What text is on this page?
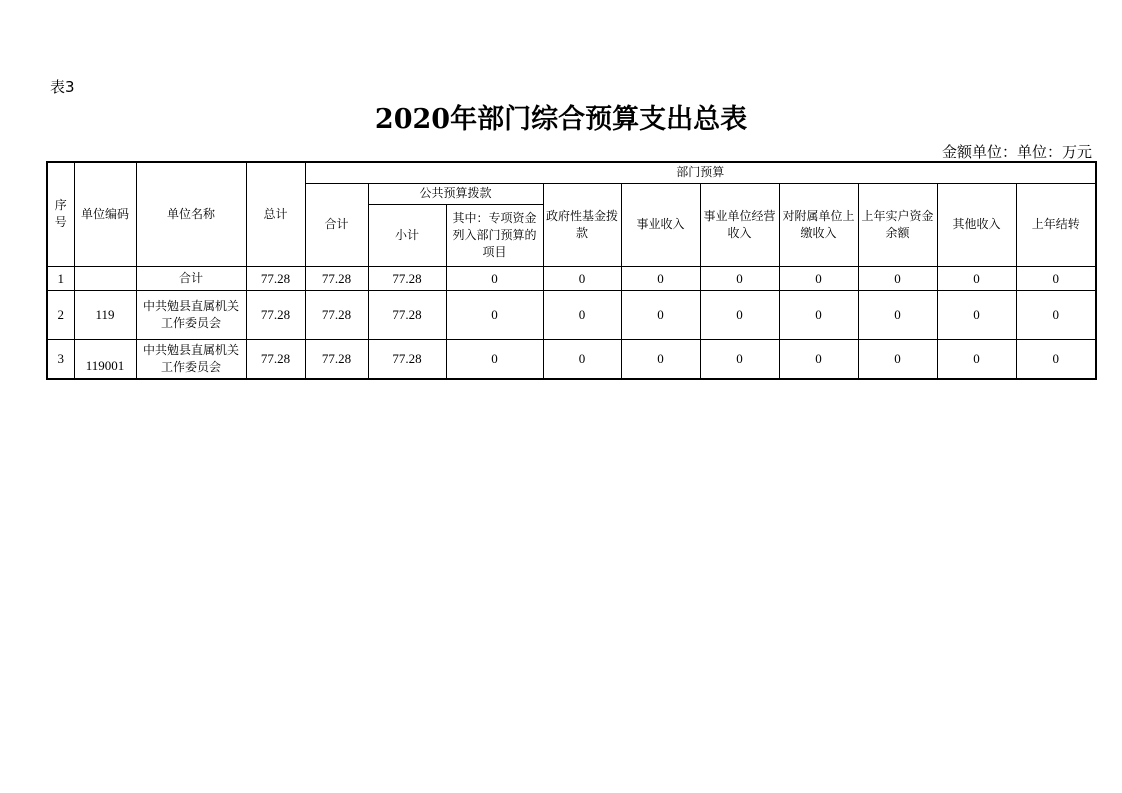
表3
2020年部门综合预算支出总表
金额单位：单位：万元
序号	单位编码	单位名称	总计	部门预算									
				合计	公共预算拨款		政府性基金拨款	事业收入	事业单位经营收入	对附属单位上缴收入	上年实户资金余额	其他收入	上年结转
					小计	其中：专项资金列入部门预算的项目							
1		合计	77.28	77.28	77.28	0	0	0	0	0	0	0	0
2	119	中共勉县直属机关工作委员会	77.28	77.28	77.28	0	0	0	0	0	0	0	0
3	119001	中共勉县直属机关工作委员会	77.28	77.28	77.28	0	0	0	0	0	0	0	0
